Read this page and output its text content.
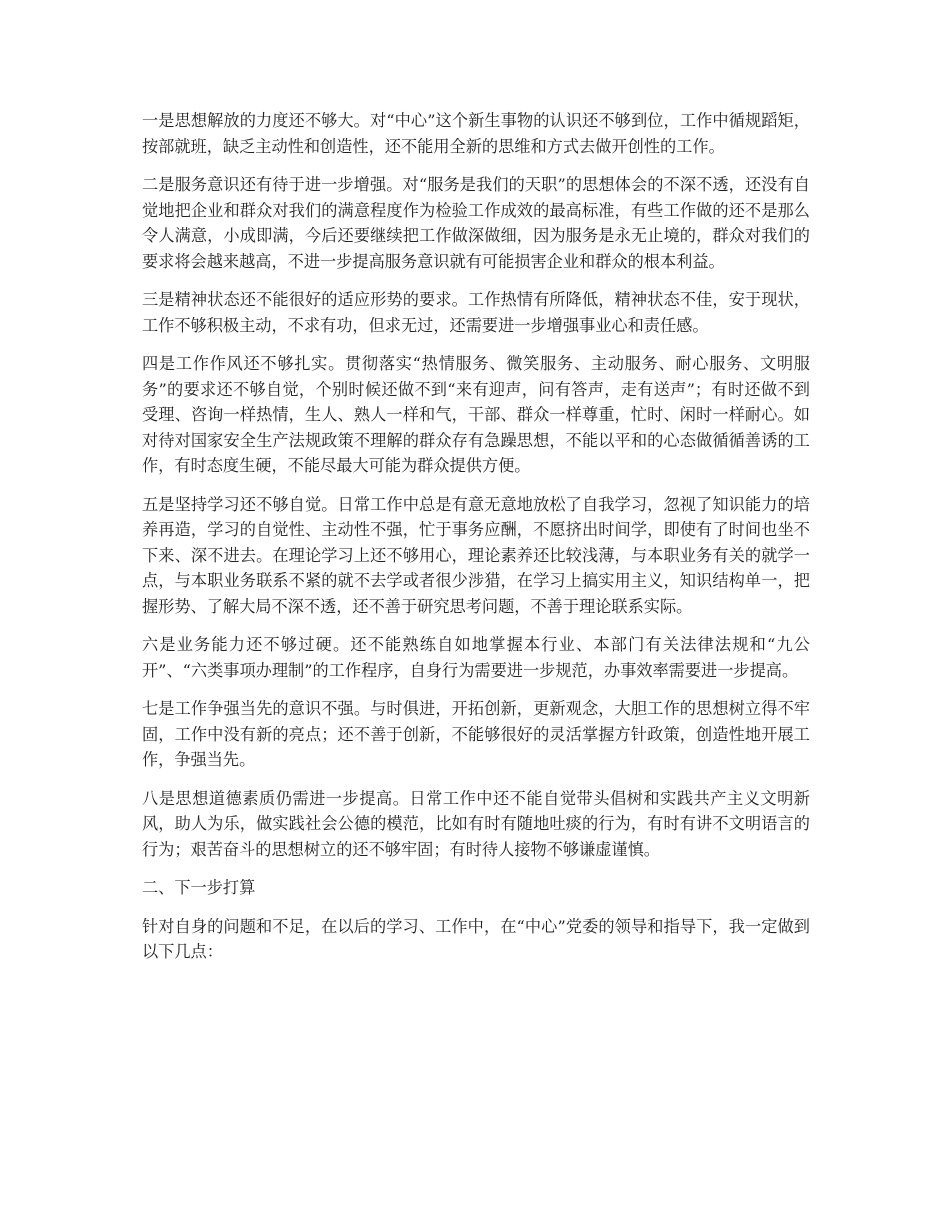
一是思想解放的力度还不够大。对“中心”这个新生事物的认识还不够到位，工作中循规蹈矩，按部就班，缺乏主动性和创造性，还不能用全新的思维和方式去做开创性的工作。

二是服务意识还有待于进一步增强。对“服务是我们的天职”的思想体会的不深不透，还没有自觉地把企业和群众对我们的满意程度作为检验工作成效的最高标准，有些工作做的还不是那么令人满意，小成即满，今后还要继续把工作做深做细，因为服务是永无止境的，群众对我们的要求将会越来越高，不进一步提高服务意识就有可能损害企业和群众的根本利益。

三是精神状态还不能很好的适应形势的要求。工作热情有所降低，精神状态不佳，安于现状，工作不够积极主动，不求有功，但求无过，还需要进一步增强事业心和责任感。

四是工作作风还不够扎实。贯彻落实“热情服务、微笑服务、主动服务、耐心服务、文明服务”的要求还不够自觉，个别时候还做不到“来有迎声，问有答声，走有送声”；有时还做不到受理、咨询一样热情，生人、熟人一样和气，干部、群众一样尊重，忙时、闲时一样耐心。如对待对国家安全生产法规政策不理解的群众存有急躁思想，不能以平和的心态做循循善诱的工作，有时态度生硬，不能尽最大可能为群众提供方便。

五是坚持学习还不够自觉。日常工作中总是有意无意地放松了自我学习，忽视了知识能力的培养再造，学习的自觉性、主动性不强，忙于事务应酬，不愿挤出时间学，即使有了时间也坐不下来、深不进去。在理论学习上还不够用心，理论素养还比较浅薄，与本职业务有关的就学一点，与本职业务联系不紧的就不去学或者很少涉猎，在学习上搞实用主义，知识结构单一，把握形势、了解大局不深不透，还不善于研究思考问题，不善于理论联系实际。

六是业务能力还不够过硬。还不能熟练自如地掌握本行业、本部门有关法律法规和“九公开”、“六类事项办理制”的工作程序，自身行为需要进一步规范，办事效率需要进一步提高。

七是工作争强当先的意识不强。与时俱进，开拓创新，更新观念，大胆工作的思想树立得不牢固，工作中没有新的亮点；还不善于创新，不能够很好的灵活掌握方针政策，创造性地开展工作，争强当先。

八是思想道德素质仍需进一步提高。日常工作中还不能自觉带头倡树和实践共产主义文明新风，助人为乐，做实践社会公德的模范，比如有时有随地吐痰的行为，有时有讲不文明语言的行为；艰苦奋斗的思想树立的还不够牢固；有时待人接物不够谦虚谨慎。

二、下一步打算

针对自身的问题和不足，在以后的学习、工作中，在“中心”党委的领导和指导下，我一定做到以下几点：
